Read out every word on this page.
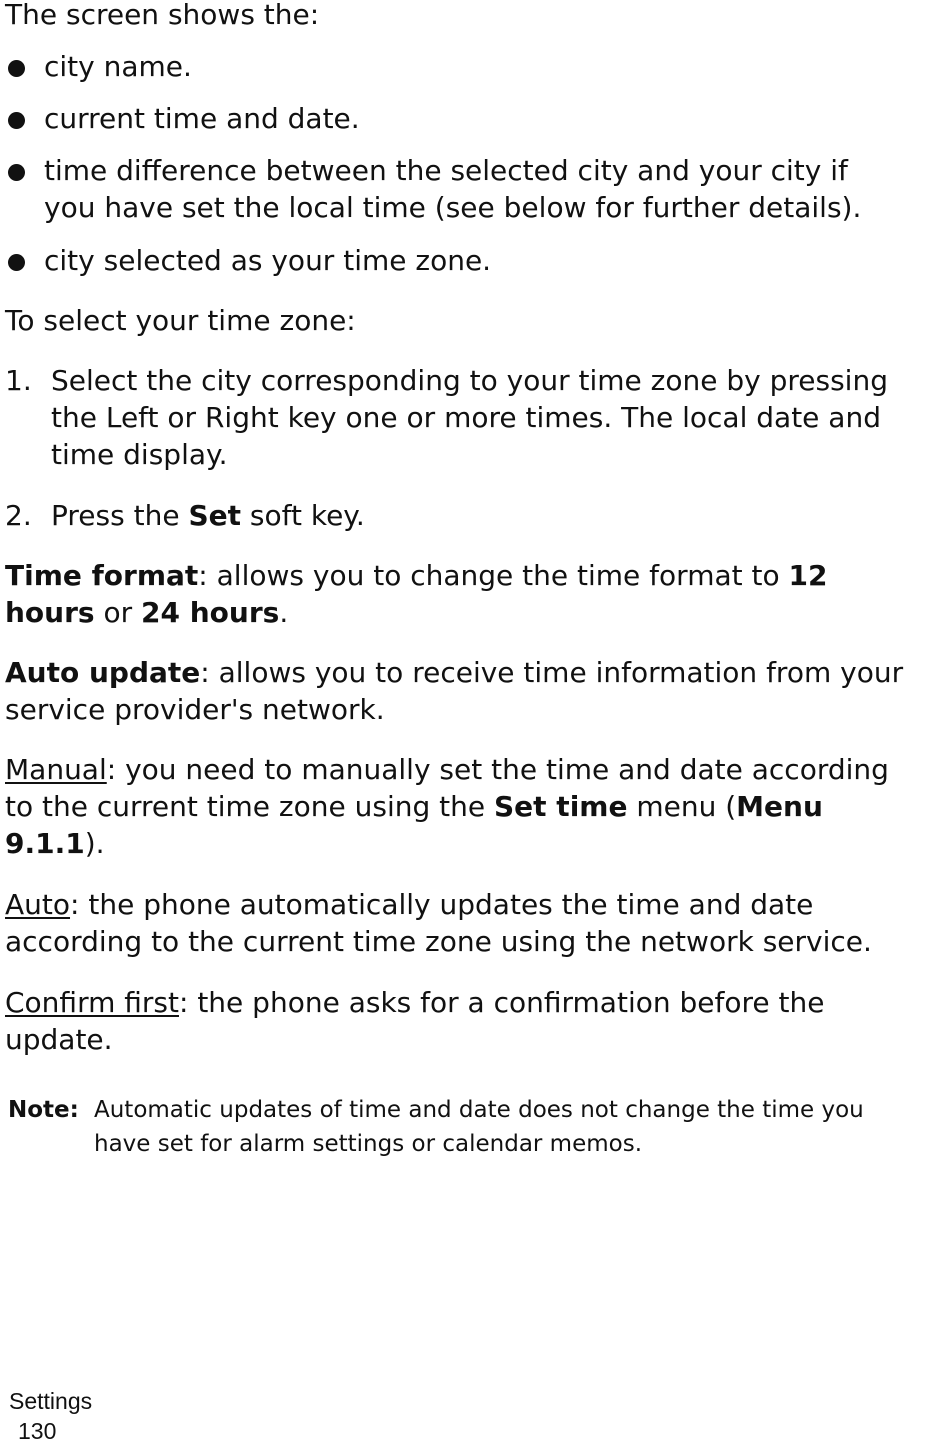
The screen shows the:

city name.
current time and date.
time difference between the selected city and your city if you have set the local time (see below for further details).
city selected as your time zone.

To select your time zone:

1. Select the city corresponding to your time zone by pressing the Left or Right key one or more times. The local date and time display.
2. Press the Set soft key.

Time format: allows you to change the time format to 12 hours or 24 hours.

Auto update: allows you to receive time information from your service provider's network.

Manual: you need to manually set the time and date according to the current time zone using the Set time menu (Menu 9.1.1).

Auto: the phone automatically updates the time and date according to the current time zone using the network service.

Confirm first: the phone asks for a confirmation before the update.

Note: Automatic updates of time and date does not change the time you have set for alarm settings or calendar memos.
Settings
130
